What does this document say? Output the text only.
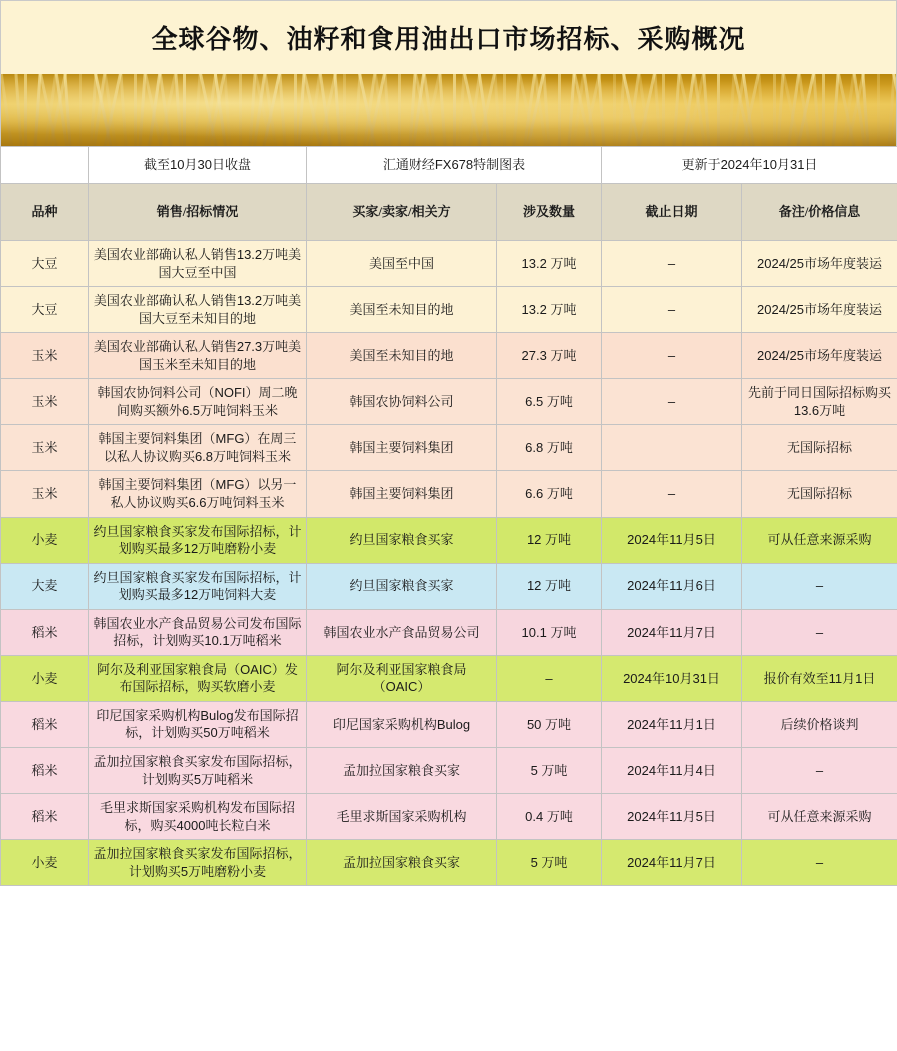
全球谷物、油籽和食用油出口市场招标、采购概况
	截至10月30日收盘	汇通财经FX678特制图表		更新于2024年10月31日	
品种	销售/招标情况	买家/卖家/相关方	涉及数量	截止日期	备注/价格信息
大豆	美国农业部确认私人销售13.2万吨美国大豆至中国	美国至中国	13.2 万吨	–	2024/25市场年度装运
大豆	美国农业部确认私人销售13.2万吨美国大豆至未知目的地	美国至未知目的地	13.2 万吨	–	2024/25市场年度装运
玉米	美国农业部确认私人销售27.3万吨美国玉米至未知目的地	美国至未知目的地	27.3 万吨	–	2024/25市场年度装运
玉米	韩国农协饲料公司（NOFI）周二晚间购买额外6.5万吨饲料玉米	韩国农协饲料公司	6.5 万吨	–	先前于同日国际招标购买13.6万吨
玉米	韩国主要饲料集团（MFG）在周三以私人协议购买6.8万吨饲料玉米	韩国主要饲料集团	6.8 万吨		无国际招标
玉米	韩国主要饲料集团（MFG）以另一私人协议购买6.6万吨饲料玉米	韩国主要饲料集团	6.6 万吨	–	无国际招标
小麦	约旦国家粮食买家发布国际招标，计划购买最多12万吨磨粉小麦	约旦国家粮食买家	12 万吨	2024年11月5日	可从任意来源采购
大麦	约旦国家粮食买家发布国际招标，计划购买最多12万吨饲料大麦	约旦国家粮食买家	12 万吨	2024年11月6日	–
稻米	韩国农业水产食品贸易公司发布国际招标，计划购买10.1万吨稻米	韩国农业水产食品贸易公司	10.1 万吨	2024年11月7日	–
小麦	阿尔及利亚国家粮食局（OAIC）发布国际招标，购买软磨小麦	阿尔及利亚国家粮食局（OAIC）	–	2024年10月31日	报价有效至11月1日
稻米	印尼国家采购机构Bulog发布国际招标，计划购买50万吨稻米	印尼国家采购机构Bulog	50 万吨	2024年11月1日	后续价格谈判
稻米	孟加拉国家粮食买家发布国际招标，计划购买5万吨稻米	孟加拉国家粮食买家	5 万吨	2024年11月4日	–
稻米	毛里求斯国家采购机构发布国际招标，购买4000吨长粒白米	毛里求斯国家采购机构	0.4 万吨	2024年11月5日	可从任意来源采购
小麦	孟加拉国家粮食买家发布国际招标，计划购买5万吨磨粉小麦	孟加拉国家粮食买家	5 万吨	2024年11月7日	–
